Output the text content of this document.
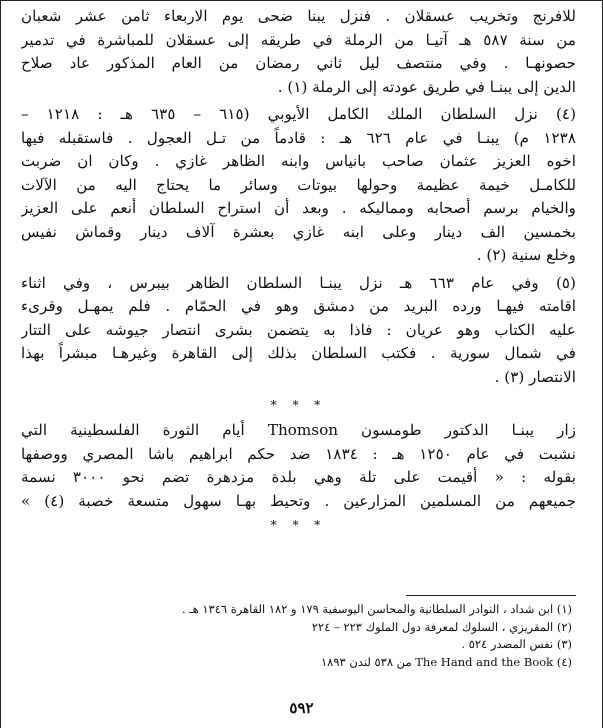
للافرنج وتخريب عسقلان . فنزل يبنا ضحى يوم الاربعاء ثامن عشر شعبان
من سنة ٥٨٧ هـ آتيـا من الرملة في طريقه إلى عسقلان للمباشرة في تدمير
حصونهـا . وفي منتصف ليل ثاني رمضان من العام المذكور عاد صلاح
الدين إلى يبنـا في طريق عودته إلى الرملة (١) .
(٤) نزل السلطان الملك الكامل الأيوبي (٦١٥ – ٦٣٥ هـ : ١٢١٨ –
١٢٣٨ م) يبنـا في عام ٦٢٦ هـ : قادماً من تـل العجول . فاستقبله فيها
اخوه العزيز عثمان صاحب بانياس وابنه الظاهر غازي . وكان ان ضربت
للكامـل خيمة عظيمة وحولها بيوتات وسائر ما يحتاج اليه من الآلات
والخيام برسم أصحابه ومماليكه . وبعد أن استراح السلطان أنعم على العزيز
بخمسين الف دينار وعلى ابنه غازي بعشرة آلاف دينار وقماش نفيس
وخلع سنية (٢) .
(٥) وفي عام ٦٦٣ هـ نزل يبنـا السلطان الظاهر بيبرس ، وفي اثناء
اقامته فيهـا ورده البريد من دمشق وهو في الحمّام . فلم يمهـل وقرىء
عليه الكتاب وهو عريان : فاذا به يتضمن بشرى انتصار جيوشه على التتار
في شمال سورية . فكتب السلطان بذلك إلى القاهرة وغيرهـا مبشراً بهذا
الانتصار (٣) .
* * *
زار يبنـا الدكتور طومسون Thomson أيام الثورة الفلسطينية التي
نشبت في عام ١٢٥٠ هـ : ١٨٣٤ ضد حكم ابراهيم باشا المصري ووصفها
بقوله : « أقيمت على تلة وهي بلدة مزدهرة تضم نحو ٣٠٠٠ نسمة
جميعهم من المسلمين المزارعين . وتحيط بهـا سهول متسعة خصبة (٤) »
* * *
(١) ابن شداد ، النوادر السلطانية والمحاسن اليوسفية ١٧٩ و ١٨٢ القاهرة ١٣٤٦ هـ .
(٢) المقريزي ، السلوك لمعرفة دول الملوك ٢٢٣ – ٢٢٤
(٣) نفس المصدر ٥٢٤ .
(٤) The Hand and the Book من ٥٣٨ لندن ١٨٩٣
٥٩٢
